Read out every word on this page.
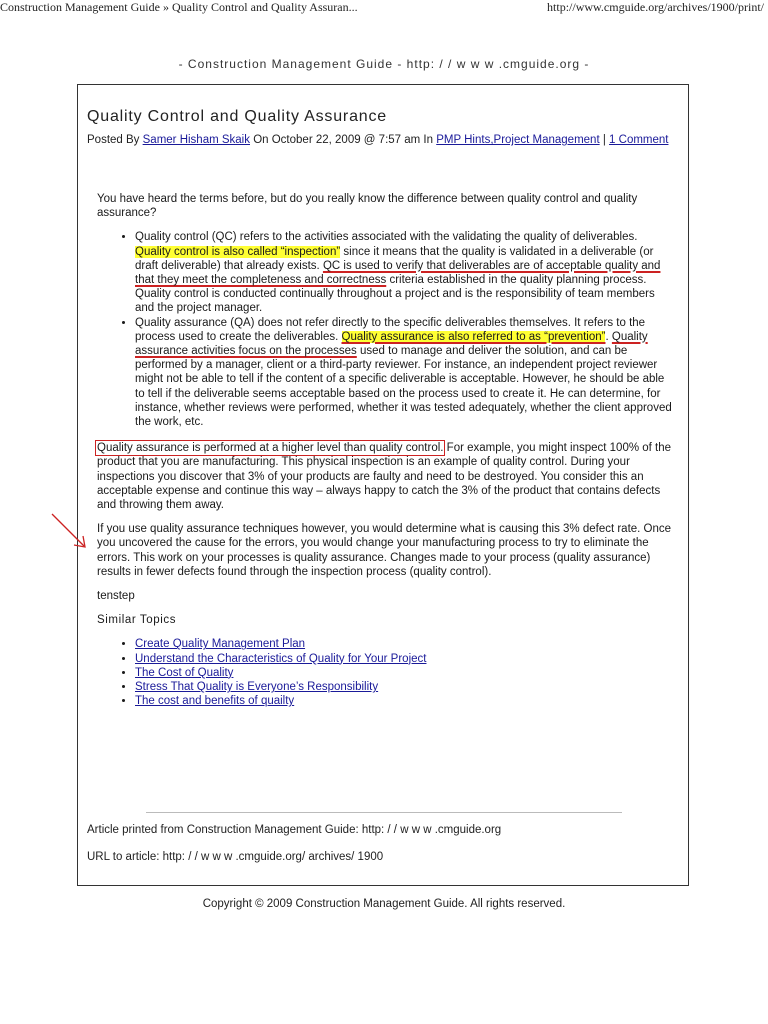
Construction Management Guide » Quality Control and Quality Assuran...	http://www.cmguide.org/archives/1900/print/
- Construction Management Guide - http: / / w w w .cmguide.org -
Quality Control and Quality Assurance
Posted By Samer Hisham Skaik On October 22, 2009 @ 7:57 am In PMP Hints,Project Management | 1 Comment

You have heard the terms before, but do you really know the difference between quality control and quality assurance?

• Quality control (QC) refers to the activities associated with the validating the quality of deliverables. Quality control is also called “inspection” since it means that the quality is validated in a deliverable (or draft deliverable) that already exists. QC is used to verify that deliverables are of acceptable quality and that they meet the completeness and correctness criteria established in the quality planning process. Quality control is conducted continually throughout a project and is the responsibility of team members and the project manager.
• Quality assurance (QA) does not refer directly to the specific deliverables themselves. It refers to the process used to create the deliverables. Quality assurance is also referred to as “prevention”. Quality assurance activities focus on the processes used to manage and deliver the solution, and can be performed by a manager, client or a third-party reviewer. For instance, an independent project reviewer might not be able to tell if the content of a specific deliverable is acceptable. However, he should be able to tell if the deliverable seems acceptable based on the process used to create it. He can determine, for instance, whether reviews were performed, whether it was tested adequately, whether the client approved the work, etc.

Quality assurance is performed at a higher level than quality control. For example, you might inspect 100% of the product that you are manufacturing. This physical inspection is an example of quality control. During your inspections you discover that 3% of your products are faulty and need to be destroyed. You consider this an acceptable expense and continue this way – always happy to catch the 3% of the product that contains defects and throwing them away.

If you use quality assurance techniques however, you would determine what is causing this 3% defect rate. Once you uncovered the cause for the errors, you would change your manufacturing process to try to eliminate the errors. This work on your processes is quality assurance. Changes made to your process (quality assurance) results in fewer defects found through the inspection process (quality control).

tenstep

Similar Topics

• Create Quality Management Plan
• Understand the Characteristics of Quality for Your Project
• The Cost of Quality
• Stress That Quality is Everyone’s Responsibility
• The cost and benefits of quailty
Article printed from Construction Management Guide: http: / / w w w .cmguide.org
URL to article: http: / / w w w .cmguide.org/ archives/ 1900
Copyright © 2009 Construction Management Guide. All rights reserved.
